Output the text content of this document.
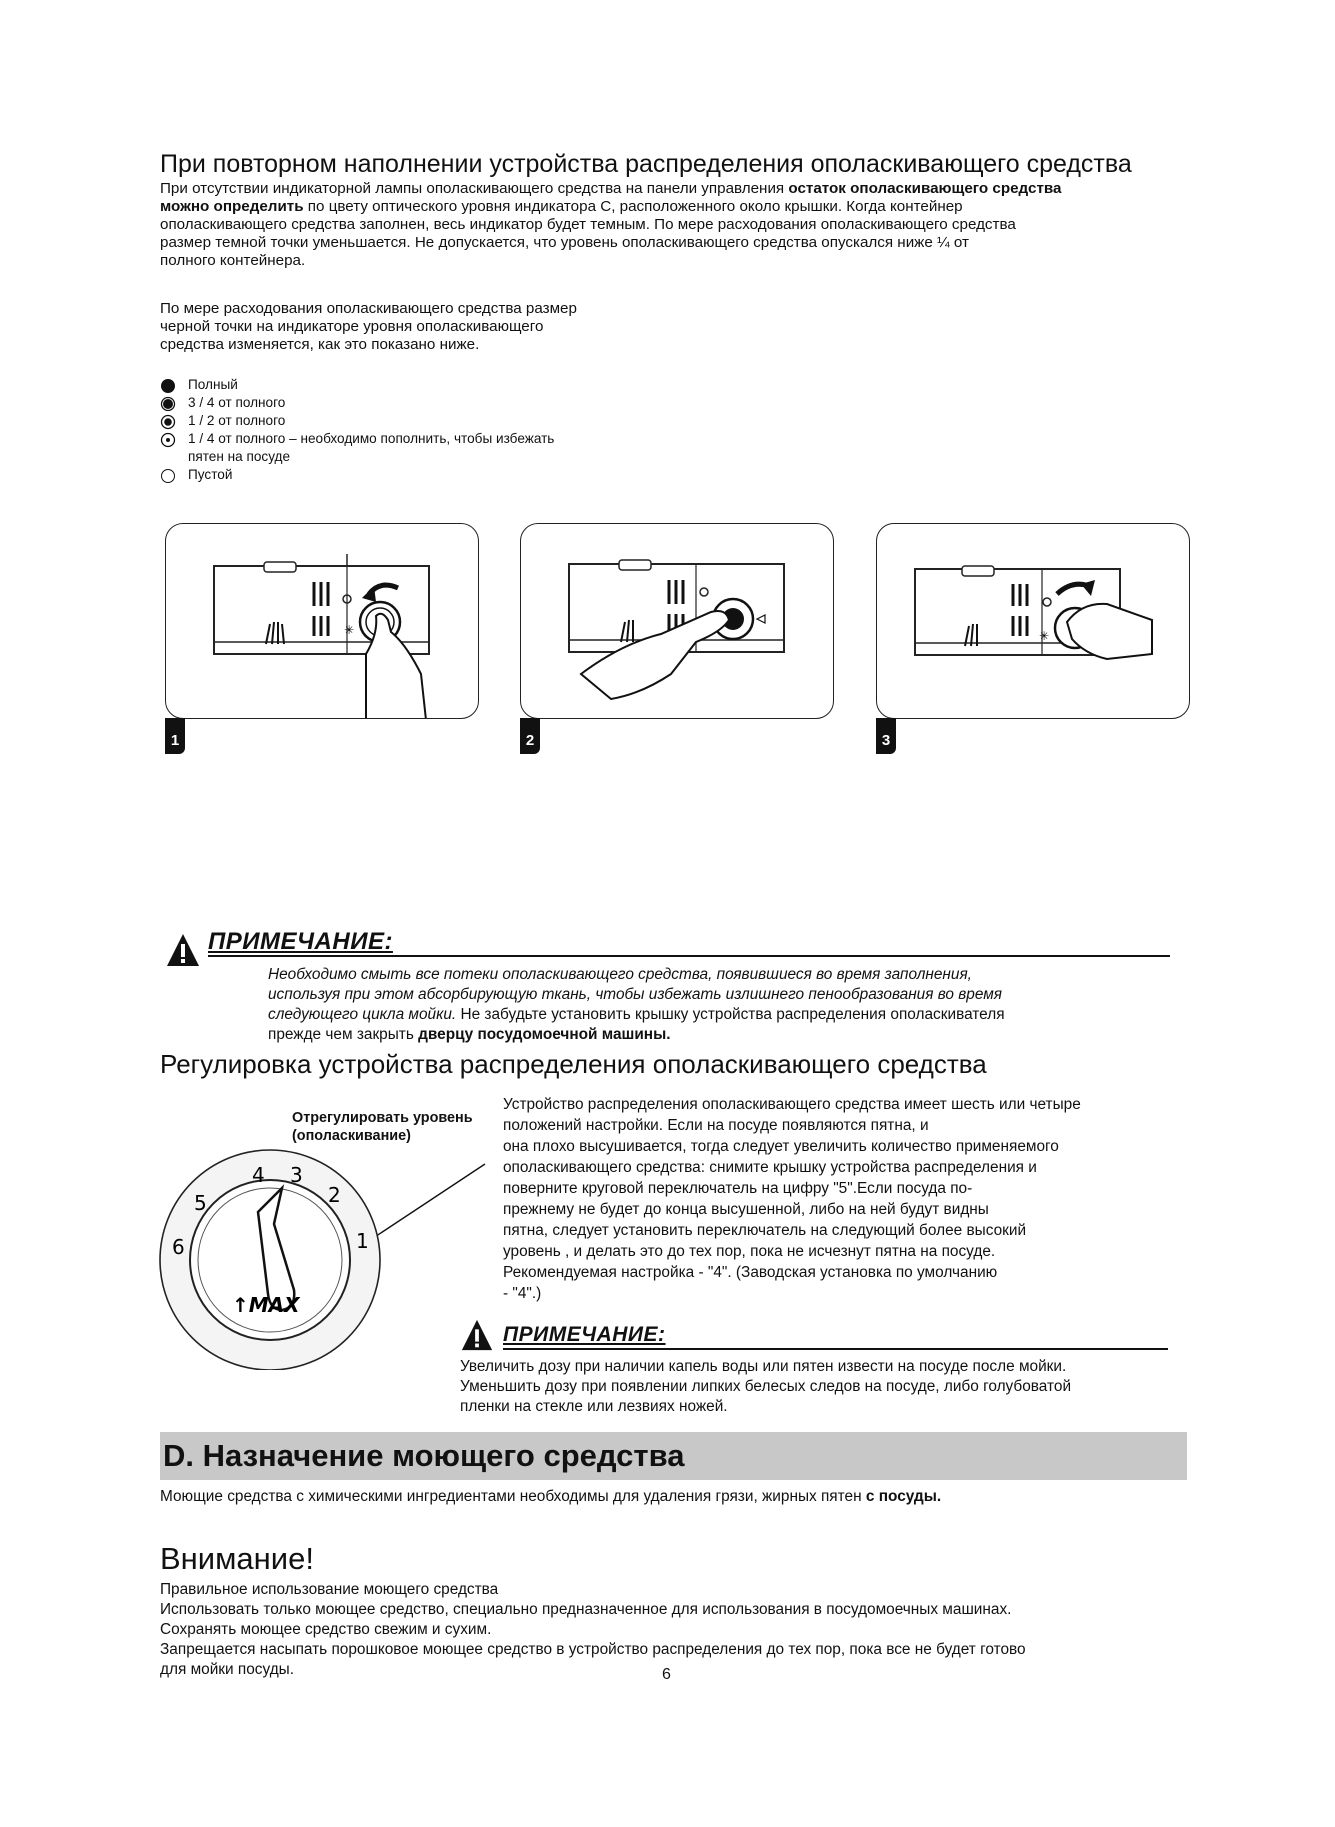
При повторном наполнении устройства распределения ополаскивающего средства

При отсутствии индикаторной лампы ополаскивающего средства на панели управления остаток ополаскивающего средства

можно определить по цвету оптического уровня индикатора С, расположенного около крышки. Когда контейнер

ополаскивающего средства заполнен, весь индикатор будет темным. По мере расходования ополаскивающего средства

размер темной точки уменьшается. Не допускается, что уровень ополаскивающего средства опускался ниже ¼ от

полного контейнера.

По мере расходования ополаскивающего средства размер

черной точки на индикаторе уровня ополаскивающего

средства изменяется, как это показано ниже.

Полный
3 / 4 от полного
1 / 2 от полного
1 / 4 от полного – необходимо пополнить, чтобы избежать
пятен на посуде
Пустой
✳
1	2
✳
3
ПРИМЕЧАНИЕ:
Необходимо смыть все потеки ополаскивающего средства, появившиеся во время заполнения,
используя при этом абсорбирующую ткань, чтобы избежать излишнего пенообразования во время
следующего цикла мойки. Не забудьте установить крышку устройства распределения ополаскивателя
прежде чем закрыть дверцу посудомоечной машины.
Регулировка устройства распределения ополаскивающего средства
Отрегулировать уровень
(ополаскивание)
2
3
4
5
6	1
↑MAX

Устройство распределения ополаскивающего средства имеет шесть или четыре

положений настройки. Если на посуде появляются пятна, и

она плохо высушивается, тогда следует увеличить количество применяемого

ополаскивающего средства: снимите крышку устройства распределения и

поверните круговой переключатель на цифру "5".Если посуда по-

прежнему не будет до конца высушенной, либо на ней будут видны

пятна, следует установить переключатель на следующий более высокий

уровень , и делать это до тех пор, пока не исчезнут пятна на посуде.

Рекомендуемая настройка - "4". (Заводская установка по умолчанию

- "4".)

ПРИМЕЧАНИЕ:
Увеличить дозу при наличии капель воды или пятен извести на посуде после мойки.
Уменьшить дозу при появлении липких белесых следов на посуде, либо голубоватой
пленки на стекле или лезвиях ножей.
D. Назначение моющего средства
Моющие средства с химическими ингредиентами необходимы для удаления грязи, жирных пятен с посуды.
Внимание!

Правильное использование моющего средства

Использовать только моющее средство, специально предназначенное для использования в посудомоечных машинах.

Сохранять моющее средство свежим и сухим.

Запрещается насыпать порошковое моющее средство в устройство распределения до тех пор, пока все не будет готово

для мойки посуды.	6
